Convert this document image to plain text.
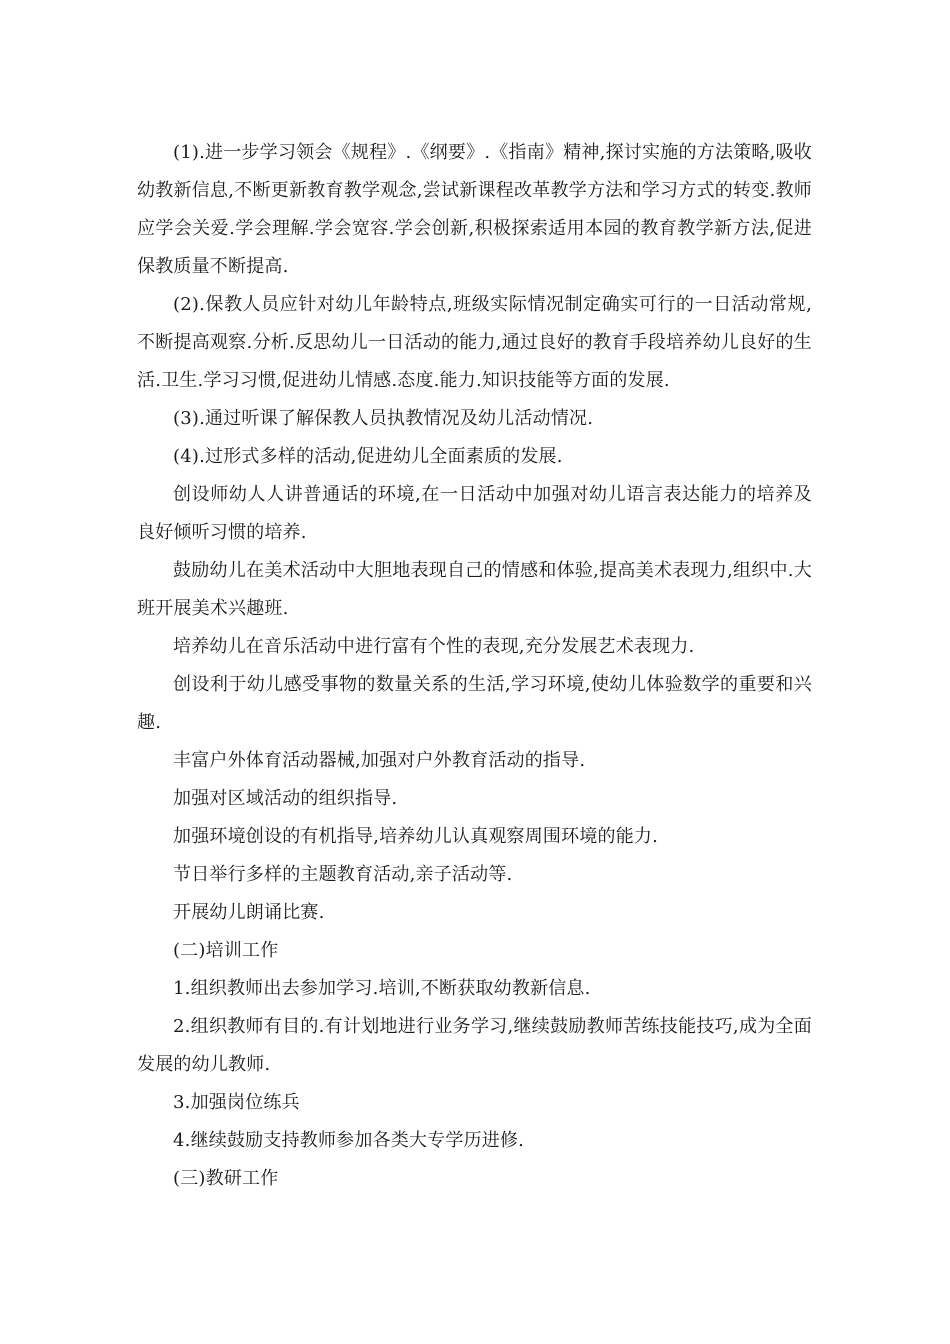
(1).进一步学习领会《规程》.《纲要》.《指南》精神,探讨实施的方法策略,吸收幼教新信息,不断更新教育教学观念,尝试新课程改革教学方法和学习方式的转变.教师应学会关爱.学会理解.学会宽容.学会创新,积极探索适用本园的教育教学新方法,促进保教质量不断提高.

(2).保教人员应针对幼儿年龄特点,班级实际情况制定确实可行的一日活动常规,不断提高观察.分析.反思幼儿一日活动的能力,通过良好的教育手段培养幼儿良好的生活.卫生.学习习惯,促进幼儿情感.态度.能力.知识技能等方面的发展.

(3).通过听课了解保教人员执教情况及幼儿活动情况.

(4).过形式多样的活动,促进幼儿全面素质的发展.

创设师幼人人讲普通话的环境,在一日活动中加强对幼儿语言表达能力的培养及良好倾听习惯的培养.

鼓励幼儿在美术活动中大胆地表现自己的情感和体验,提高美术表现力,组织中.大班开展美术兴趣班.

培养幼儿在音乐活动中进行富有个性的表现,充分发展艺术表现力.

创设利于幼儿感受事物的数量关系的生活,学习环境,使幼儿体验数学的重要和兴趣.

丰富户外体育活动器械,加强对户外教育活动的指导.

加强对区域活动的组织指导.

加强环境创设的有机指导,培养幼儿认真观察周围环境的能力.

节日举行多样的主题教育活动,亲子活动等.

开展幼儿朗诵比赛.

(二)培训工作

1.组织教师出去参加学习.培训,不断获取幼教新信息.

2.组织教师有目的.有计划地进行业务学习,继续鼓励教师苦练技能技巧,成为全面发展的幼儿教师.

3.加强岗位练兵

4.继续鼓励支持教师参加各类大专学历进修.

(三)教研工作
